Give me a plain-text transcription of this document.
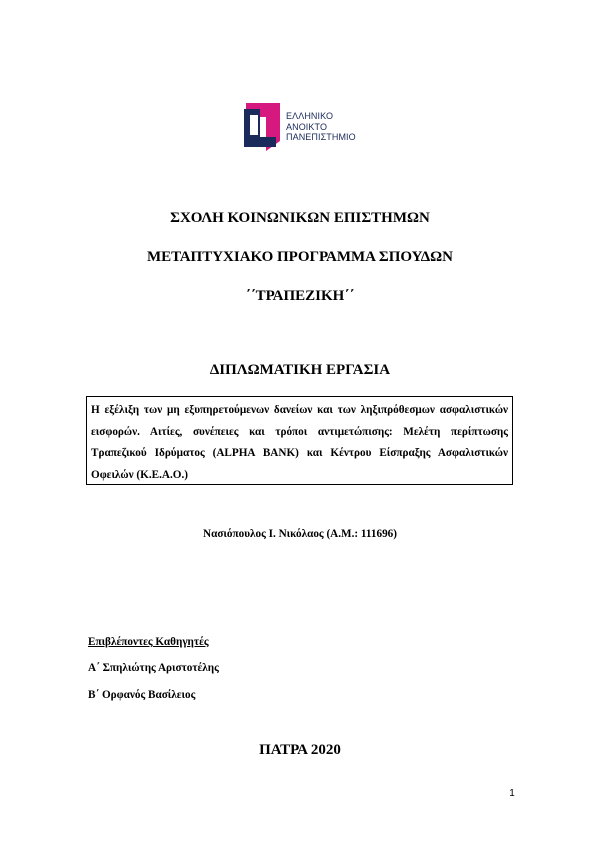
ΕΛΛΗΝΙΚΟ
ΑΝΟΙΚΤΟ
ΠΑΝΕΠΙΣΤΗΜΙΟ
ΣΧΟΛΗ ΚΟΙΝΩΝΙΚΩΝ ΕΠΙΣΤΗΜΩΝ
ΜΕΤΑΠΤΥΧΙΑΚΟ ΠΡΟΓΡΑΜΜΑ ΣΠΟΥΔΩΝ
΄΄ΤΡΑΠΕΖΙΚΗ΄΄
ΔΙΠΛΩΜΑΤΙΚΗ ΕΡΓΑΣΙΑ
Η εξέλιξη των μη εξυπηρετούμενων δανείων και των ληξιπρόθεσμων ασφαλιστικών εισφορών. Αιτίες, συνέπειες και τρόποι αντιμετώπισης: Μελέτη περίπτωσης Τραπεζικού Ιδρύματος (ALPHA BANK) και Κέντρου Είσπραξης Ασφαλιστικών Οφειλών (Κ.Ε.Α.Ο.)
Νασιόπουλος Ι. Νικόλαος (Α.Μ.: 111696)
Επιβλέποντες Καθηγητές
Α΄ Σπηλιώτης Αριστοτέλης
Β΄ Ορφανός Βασίλειος
ΠΑΤΡΑ 2020
1
